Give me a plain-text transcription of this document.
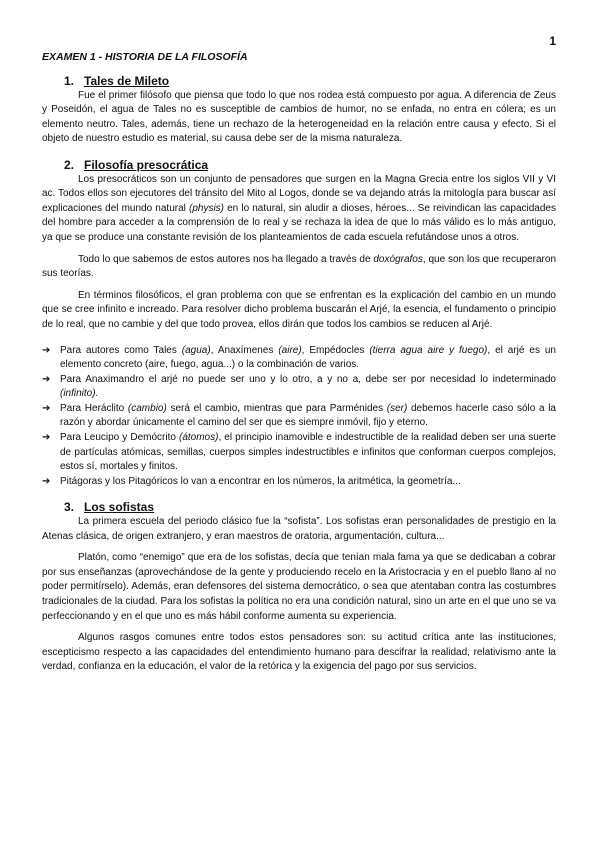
1
EXAMEN 1 - HISTORIA DE LA FILOSOFÍA
1. Tales de Mileto

Fue el primer filósofo que piensa que todo lo que nos rodea está compuesto por agua. A diferencia de Zeus y Poseidón, el agua de Tales no es susceptible de cambios de humor, no se enfada, no entra en cólera; es un elemento neutro. Tales, además, tiene un rechazo de la heterogeneidad en la relación entre causa y efecto. Si el objeto de nuestro estudio es material, su causa debe ser de la misma naturaleza.

2. Filosofía presocrática

Los presocráticos son un conjunto de pensadores que surgen en la Magna Grecia entre los siglos VII y VI ac. Todos ellos son ejecutores del tránsito del Mito al Logos, donde se va dejando atrás la mitología para buscar así explicaciones del mundo natural (physis) en lo natural, sin aludir a dioses, héroes... Se reivindican las capacidades del hombre para acceder a la comprensión de lo real y se rechaza la idea de que lo más válido es lo más antiguo, ya que se produce una constante revisión de los planteamientos de cada escuela refutándose unos a otros.

Todo lo que sabemos de estos autores nos ha llegado a través de doxógrafos, que son los que recuperaron sus teorías.

En términos filosóficos, el gran problema con que se enfrentan es la explicación del cambio en un mundo que se cree infinito e increado. Para resolver dicho problema buscarán el Arjé, la esencia, el fundamento o principio de lo real, que no cambie y del que todo provea, ellos dirán que todos los cambios se reducen al Arjé.

➔ Para autores como Tales (agua), Anaxímenes (aire), Empédocles (tierra agua aire y fuego), el arjé es un elemento concreto (aire, fuego, agua...) o la combinación de varios.
➔ Para Anaximandro el arjé no puede ser uno y lo otro, a y no a, debe ser por necesidad lo indeterminado (infinito).
➔ Para Heráclito (cambio) será el cambio, mientras que para Parménides (ser) debemos hacerle caso sólo a la razón y abordar únicamente el camino del ser que es siempre inmóvil, fijo y eterno.
➔ Para Leucipo y Demócrito (átomos), el principio inamovible e indestructible de la realidad deben ser una suerte de partículas atómicas, semillas, cuerpos simples indestructibles e infinitos que conforman cuerpos complejos, estos sí, mortales y finitos.
➔ Pitágoras y los Pitagóricos lo van a encontrar en los números, la aritmética, la geometría...
3. Los sofistas

La primera escuela del periodo clásico fue la “sofista”. Los sofistas eran personalidades de prestigio en la Atenas clásica, de origen extranjero, y eran maestros de oratoria, argumentación, cultura...

Platón, como “enemigo” que era de los sofistas, decía que tenían mala fama ya que se dedicaban a cobrar por sus enseñanzas (aprovechándose de la gente y produciendo recelo en la Aristocracia y en el pueblo llano al no poder permitírselo). Además, eran defensores del sistema democrático, o sea que atentaban contra las costumbres tradicionales de la ciudad. Para los sofistas la política no era una condición natural, sino un arte en el que uno se va perfeccionando y en el que uno es más hábil conforme aumenta su experiencia.

Algunos rasgos comunes entre todos estos pensadores son: su actitud crítica ante las instituciones, escepticismo respecto a las capacidades del entendimiento humano para descifrar la realidad, relativismo ante la verdad, confianza en la educación, el valor de la retórica y la exigencia del pago por sus servicios.
